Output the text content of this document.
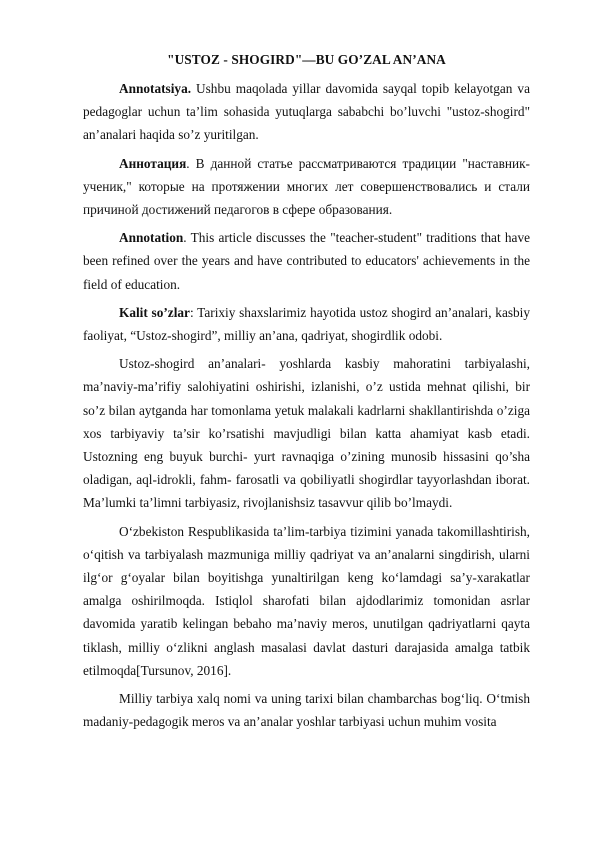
"USTOZ - SHOGIRD"—BU GO’ZAL AN’ANA

Annotatsiya. Ushbu maqolada yillar davomida sayqal topib kelayotgan va pedagoglar uchun ta’lim sohasida yutuqlarga sababchi bo’luvchi "ustoz-shogird" an’analari haqida so’z yuritilgan.

Аннотация. В данной статье рассматриваются традиции "наставник-ученик," которые на протяжении многих лет совершенствовались и стали причиной достижений педагогов в сфере образования.

Annotation. This article discusses the "teacher-student" traditions that have been refined over the years and have contributed to educators' achievements in the field of education.

Kalit so’zlar: Tarixiy shaxslarimiz hayotida ustoz shogird an’analari, kasbiy faoliyat, “Ustoz-shogird”, milliy an’ana, qadriyat, shogirdlik odobi.

Ustoz-shogird an’analari- yoshlarda kasbiy mahoratini tarbiyalashi, ma’naviy-ma’rifiy salohiyatini oshirishi, izlanishi, o’z ustida mehnat qilishi, bir so’z bilan aytganda har tomonlama yetuk malakali kadrlarni shakllantirishda o’ziga xos tarbiyaviy ta’sir ko’rsatishi mavjudligi bilan katta ahamiyat kasb etadi. Ustozning eng buyuk burchi- yurt ravnaqiga o’zining munosib hissasini qo’sha oladigan, aql-idrokli, fahm- farosatli va qobiliyatli shogirdlar tayyorlashdan iborat. Ma’lumki ta’limni tarbiyasiz, rivojlanishsiz tasavvur qilib bo’lmaydi.

O‘zbekiston Respublikasida ta’lim-tarbiya tizimini yanada takomillashtirish, o‘qitish va tarbiyalash mazmuniga milliy qadriyat va an’analarni singdirish, ularni ilg‘or g‘oyalar bilan boyitishga yunaltirilgan keng ko‘lamdagi sa’y-xarakatlar amalga oshirilmoqda. Istiqlol sharofati bilan ajdodlarimiz tomonidan asrlar davomida yaratib kelingan bebaho ma’naviy meros, unutilgan qadriyatlarni qayta tiklash, milliy o‘zlikni anglash masalasi davlat dasturi darajasida amalga tatbik etilmoqda[Tursunov, 2016].

Milliy tarbiya xalq nomi va uning tarixi bilan chambarchas bog‘liq. O‘tmish madaniy-pedagogik meros va an’analar yoshlar tarbiyasi uchun muhim vosita
